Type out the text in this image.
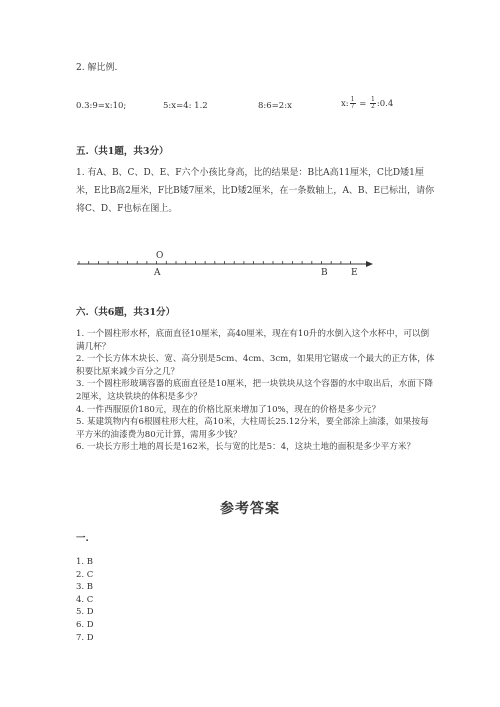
2. 解比例.
0.3:9=x:10;	5:x=4: 1.2	8:6=2:x	x: $\frac{1}{7} = \frac{1}{2}$ :0.4
五.（共1题，共3分）
1. 有A、B、C、D、E、F六个小孩比身高，比的结果是：B比A高11厘米，C比D矮1厘米，E比B高2厘米，F比B矮7厘米，比D矮2厘米，在一条数轴上，A、B、E已标出，请你将C、D、F也标在图上。
O
A	B	E
六.（共6题，共31分）
1. 一个圆柱形水杯，底面直径10厘米，高40厘米，现在有10升的水倒入这个水杯中，可以倒满几杯？
2. 一个长方体木块长、宽、高分别是5cm、4cm、3cm，如果用它锯成一个最大的正方体，体积要比原来减少百分之几？
3. 一个圆柱形玻璃容器的底面直径是10厘米，把一块铁块从这个容器的水中取出后，水面下降2厘米，这块铁块的体积是多少？
4. 一件西服原价180元，现在的价格比原来增加了10%，现在的价格是多少元？
5. 某建筑物内有6根圆柱形大柱，高10米，大柱周长25.12分米，要全部涂上油漆，如果按每平方米的油漆费为80元计算，需用多少钱？
6. 一块长方形土地的周长是162米，长与宽的比是5：4，这块土地的面积是多少平方米？
参考答案
一.
1. B
2. C
3. B
4. C
5. D
6. D
7. D
